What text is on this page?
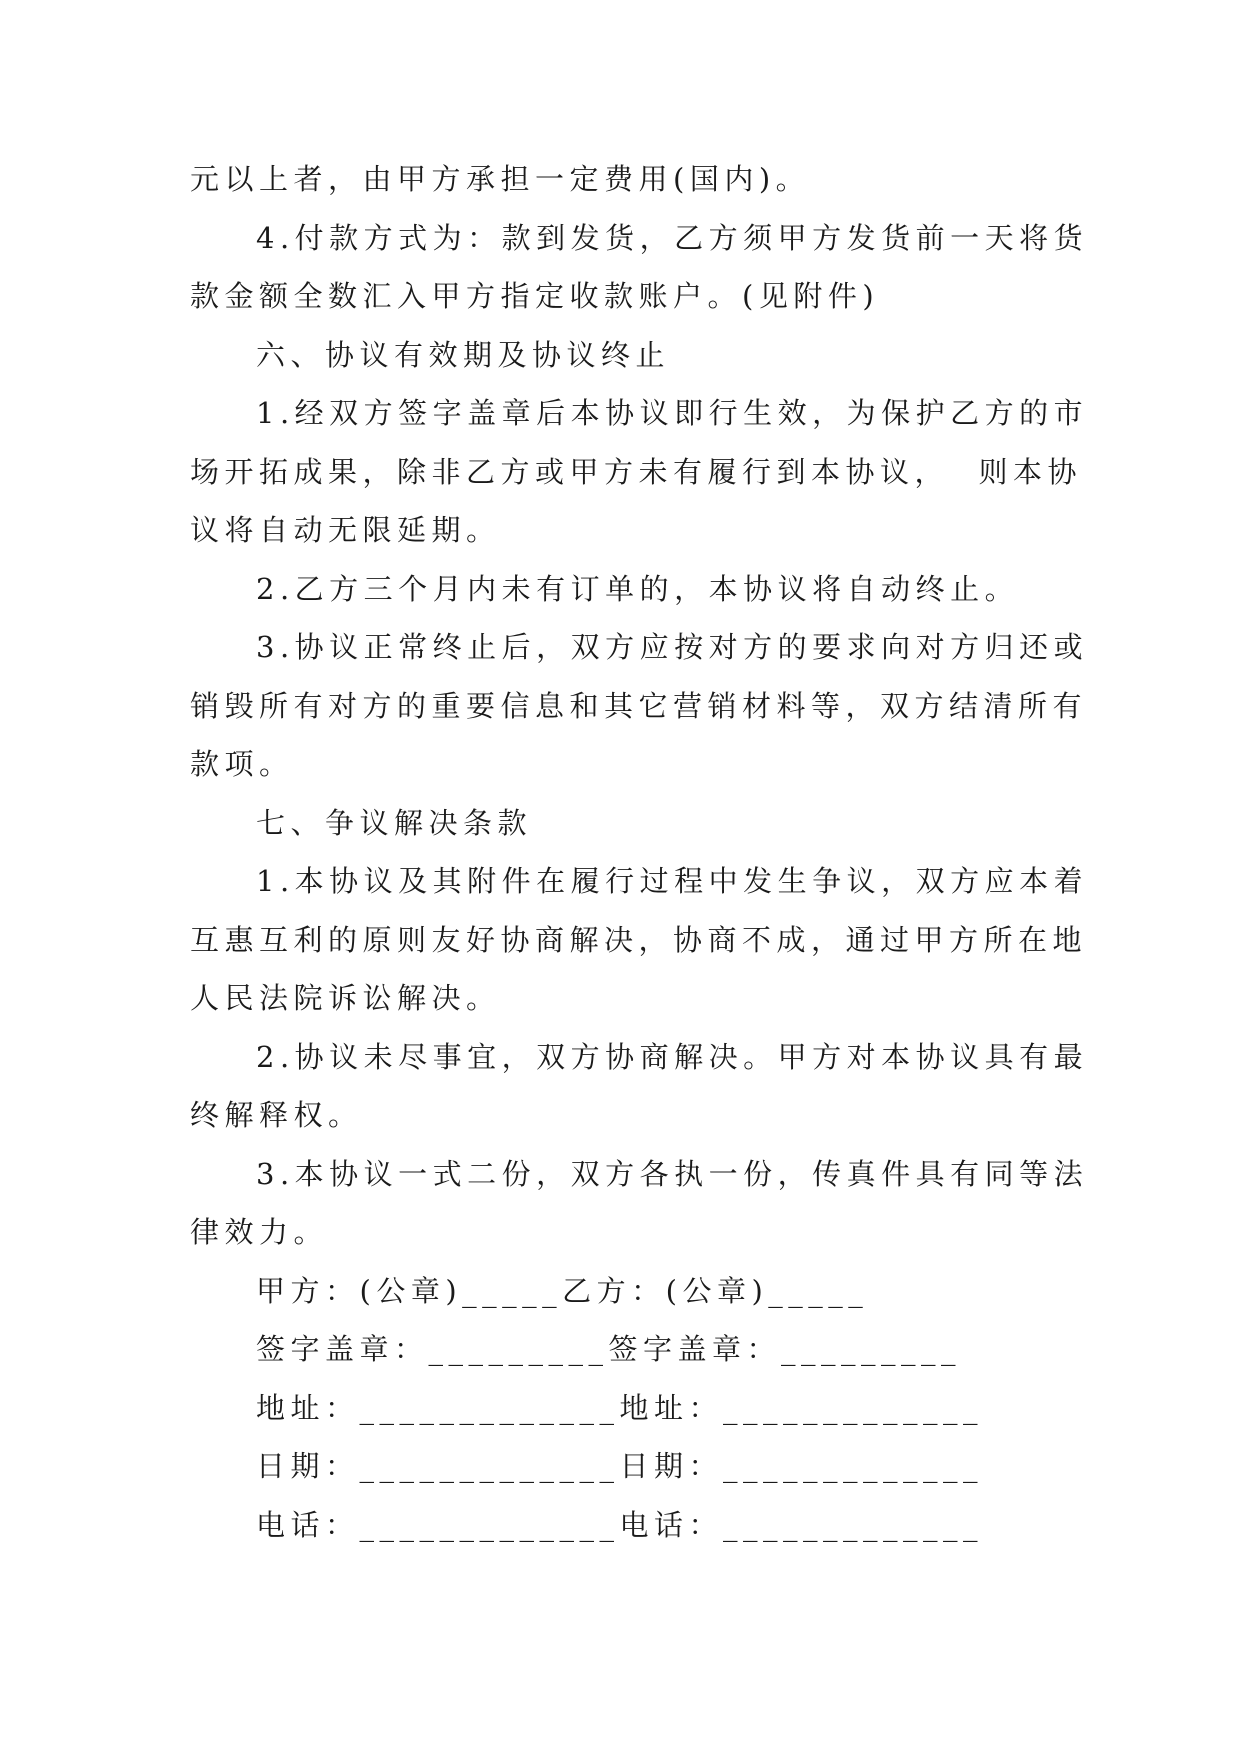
元以上者，由甲方承担一定费用(国内)。
4.付款方式为：款到发货，乙方须甲方发货前一天将货
款金额全数汇入甲方指定收款账户。(见附件)
六、协议有效期及协议终止
1.经双方签字盖章后本协议即行生效，为保护乙方的市
场开拓成果，除非乙方或甲方未有履行到本协议，  则本协
议将自动无限延期。
2.乙方三个月内未有订单的，本协议将自动终止。
3.协议正常终止后，双方应按对方的要求向对方归还或
销毁所有对方的重要信息和其它营销材料等，双方结清所有
款项。
七、争议解决条款
1.本协议及其附件在履行过程中发生争议，双方应本着
互惠互利的原则友好协商解决，协商不成，通过甲方所在地
人民法院诉讼解决。
2.协议未尽事宜，双方协商解决。甲方对本协议具有最
终解释权。
3.本协议一式二份，双方各执一份，传真件具有同等法
律效力。
甲方：(公章)_____乙方：(公章)_____
签字盖章：_________签字盖章：_________
地址：_____________地址：_____________
日期：_____________日期：_____________
电话：_____________电话：_____________
